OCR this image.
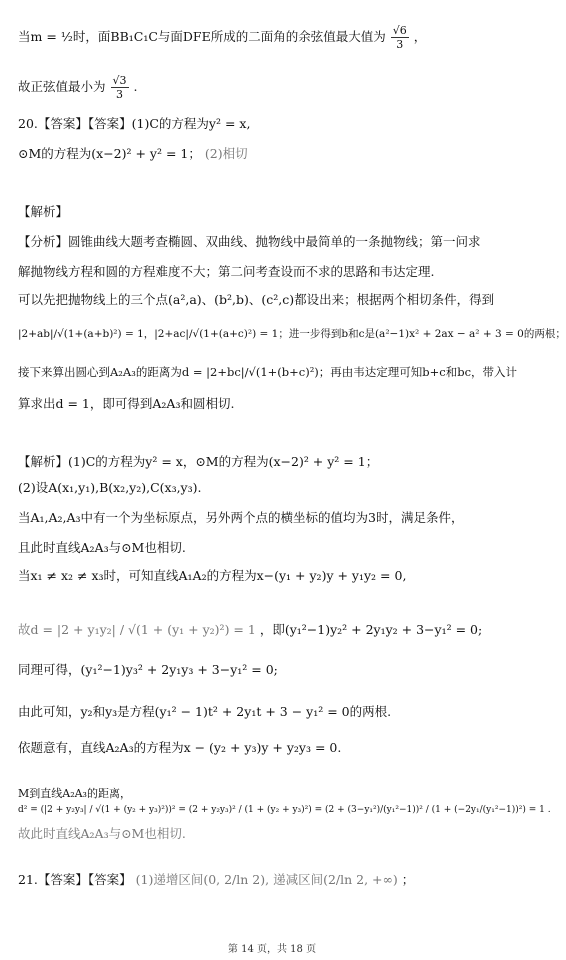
当m = ½时，面BB₁C₁C与面DFE所成的二面角的余弦值最大值为 $\frac{√6}{3}$ ，
故正弦值最小为 $\frac{√3}{3}$ .
20.【答案】【答案】(1)C的方程为y² = x,
⊙M的方程为(x−2)² + y² = 1； (2)相切
【解析】
【分析】圆锥曲线大题考查椭圆、双曲线、抛物线中最简单的一条抛物线；第一问求
解抛物线方程和圆的方程难度不大；第二问考查设而不求的思路和韦达定理.
可以先把抛物线上的三个点(a²,a)、(b²,b)、(c²,c)都设出来；根据两个相切条件，得到
|2+ab|/√(1+(a+b)²) = 1，|2+ac|/√(1+(a+c)²) = 1；进一步得到b和c是(a²−1)x² + 2ax − a² + 3 = 0的两根；
接下来算出圆心到A₂A₃的距离为d = |2+bc|/√(1+(b+c)²)；再由韦达定理可知b+c和bc，带入计
算求出d = 1，即可得到A₂A₃和圆相切.
【解析】(1)C的方程为y² = x，⊙M的方程为(x−2)² + y² = 1；
(2)设A(x₁,y₁),B(x₂,y₂),C(x₃,y₃).
当A₁,A₂,A₃中有一个为坐标原点，另外两个点的横坐标的值均为3时，满足条件，
且此时直线A₂A₃与⊙M也相切.
当x₁ ≠ x₂ ≠ x₃时，可知直线A₁A₂的方程为x−(y₁ + y₂)y + y₁y₂ = 0,
故d = |2 + y₁y₂| / √(1 + (y₁ + y₂)²) = 1 ，即(y₁²−1)y₂² + 2y₁y₂ + 3−y₁² = 0;
同理可得，(y₁²−1)y₃² + 2y₁y₃ + 3−y₁² = 0;
由此可知，y₂和y₃是方程(y₁² − 1)t² + 2y₁t + 3 − y₁² = 0的两根.
依题意有，直线A₂A₃的方程为x − (y₂ + y₃)y + y₂y₃ = 0.
M到直线A₂A₃的距离，
d² = (|2 + y₂y₃| / √(1 + (y₂ + y₃)²))² = (2 + y₂y₃)² / (1 + (y₂ + y₃)²) = (2 + (3−y₁²)/(y₁²−1))² / (1 + (−2y₁/(y₁²−1))²) = 1 .
故此时直线A₂A₃与⊙M也相切.
21.【答案】【答案】 (1)递增区间(0, 2/ln 2), 递减区间(2/ln 2, +∞) ；
第 14 页，共 18 页
